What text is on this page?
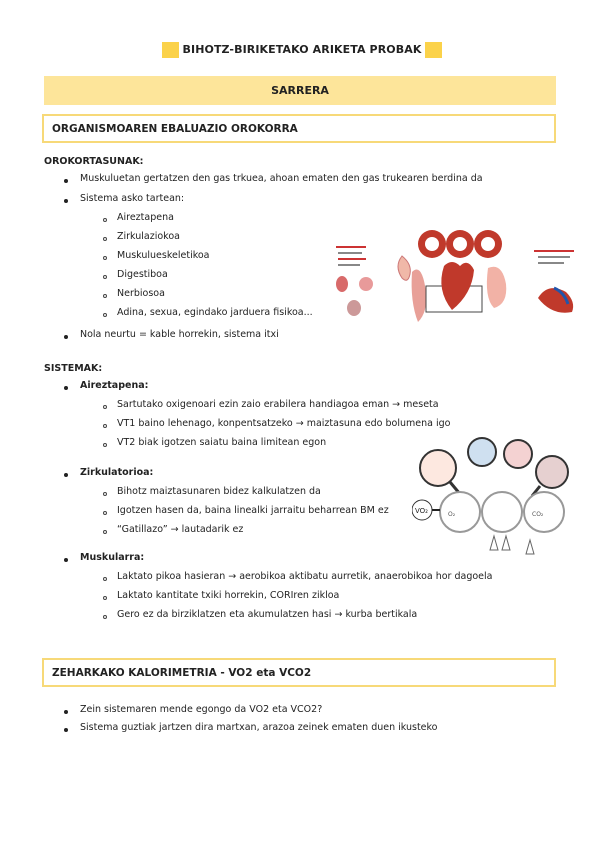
BIHOTZ-BIRIKETAKO ARIKETA PROBAK
SARRERA
ORGANISMOAREN EBALUAZIO OROKORRA
OROKORTASUNAK:
Muskuluetan gertatzen den gas trkuea, ahoan ematen den gas trukearen berdina da
Sistema asko tartean:
Aireztapena
Zirkulaziokoa
Muskulueskeletikoa
Digestiboa
Nerbiosoa
Adina, sexua, egindako jarduera fisikoa...
Nola neurtu = kable horrekin, sistema itxi
SISTEMAK:
Aireztapena:
Sartutako oxigenoari ezin zaio erabilera handiagoa eman → meseta
VT1 baino lehenago, konpentsatzeko → maiztasuna edo bolumena igo
VT2 biak igotzen saiatu baina limitean egon
Zirkulatorioa:
Bihotz maiztasunaren bidez kalkulatzen da
Igotzen hasen da, baina linealki jarraitu beharrean BM ez
“Gatillazo” → lautadarik ez
Muskularra:
Laktato pikoa hasieran → aerobikoa aktibatu aurretik, anaerobikoa hor dagoela
Laktato kantitate txiki horrekin, CORIren zikloa
Gero ez da birziklatzen eta akumulatzen hasi → kurba bertikala
VO₂	O₂	CO₂
ZEHARKAKO KALORIMETRIA - VO2 eta VCO2
Zein sistemaren mende egongo da VO2 eta VCO2?
Sistema guztiak jartzen dira martxan, arazoa zeinek ematen duen ikusteko
